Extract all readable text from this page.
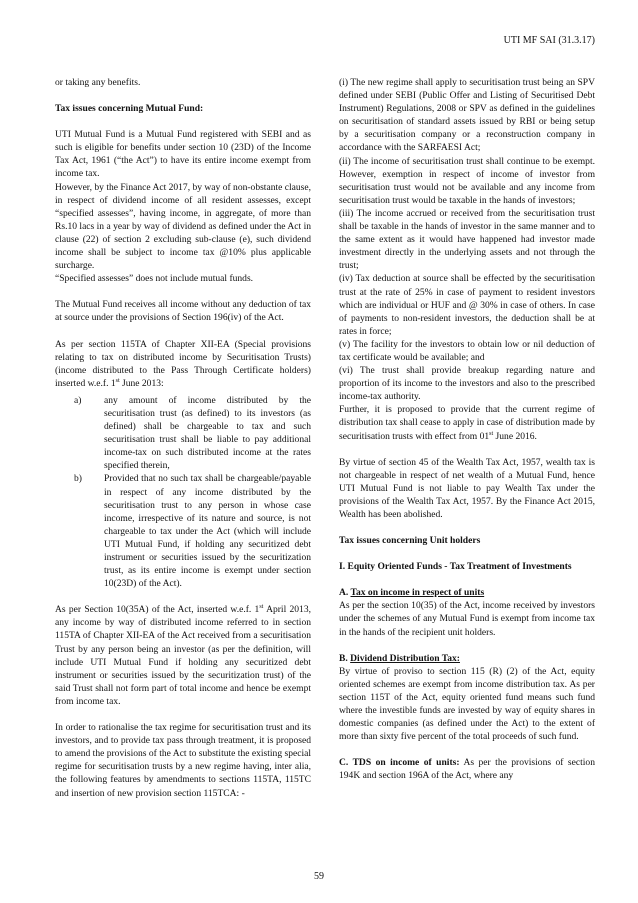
UTI MF SAI (31.3.17)

or taking any benefits.

Tax issues concerning Mutual Fund:

UTI Mutual Fund is a Mutual Fund registered with SEBI and as such is eligible for benefits under section 10 (23D) of the Income Tax Act, 1961 (“the Act”) to have its entire income exempt from income tax.

However, by the Finance Act 2017, by way of non-obstante clause, in respect of dividend income of all resident assesses, except “specified assesses”, having income, in aggregate, of more than Rs.10 lacs in a year by way of dividend as defined under the Act in clause (22) of section 2 excluding sub-clause (e), such dividend income shall be subject to income tax @10% plus applicable surcharge.

“Specified assesses” does not include mutual funds.

The Mutual Fund receives all income without any deduction of tax at source under the provisions of Section 196(iv) of the Act.

As per section 115TA of Chapter XII-EA (Special provisions relating to tax on distributed income by Securitisation Trusts) (income distributed to the Pass Through Certificate holders) inserted w.e.f. 1st June 2013:

a) any amount of income distributed by the securitisation trust (as defined) to its investors (as defined) shall be chargeable to tax and such securitisation trust shall be liable to pay additional income-tax on such distributed income at the rates specified therein,
b) Provided that no such tax shall be chargeable/payable in respect of any income distributed by the securitisation trust to any person in whose case income, irrespective of its nature and source, is not chargeable to tax under the Act (which will include UTI Mutual Fund, if holding any securitized debt instrument or securities issued by the securitization trust, as its entire income is exempt under section 10(23D) of the Act).

As per Section 10(35A) of the Act, inserted w.e.f. 1st April 2013, any income by way of distributed income referred to in section 115TA of Chapter XII-EA of the Act received from a securitisation Trust by any person being an investor (as per the definition, will include UTI Mutual Fund if holding any securitized debt instrument or securities issued by the securitization trust) of the said Trust shall not form part of total income and hence be exempt from income tax.

In order to rationalise the tax regime for securitisation trust and its investors, and to provide tax pass through treatment, it is proposed to amend the provisions of the Act to substitute the existing special regime for securitisation trusts by a new regime having, inter alia, the following features by amendments to sections 115TA, 115TC and insertion of new provision section 115TCA: -

(i) The new regime shall apply to securitisation trust being an SPV defined under SEBI (Public Offer and Listing of Securitised Debt Instrument) Regulations, 2008 or SPV as defined in the guidelines on securitisation of standard assets issued by RBI or being setup by a securitisation company or a reconstruction company in accordance with the SARFAESI Act;

(ii) The income of securitisation trust shall continue to be exempt. However, exemption in respect of income of investor from securitisation trust would not be available and any income from securitisation trust would be taxable in the hands of investors;

(iii) The income accrued or received from the securitisation trust shall be taxable in the hands of investor in the same manner and to the same extent as it would have happened had investor made investment directly in the underlying assets and not through the trust;

(iv) Tax deduction at source shall be effected by the securitisation trust at the rate of 25% in case of payment to resident investors which are individual or HUF and @ 30% in case of others. In case of payments to non-resident investors, the deduction shall be at rates in force;

(v) The facility for the investors to obtain low or nil deduction of tax certificate would be available; and

(vi) The trust shall provide breakup regarding nature and proportion of its income to the investors and also to the prescribed income-tax authority.

Further, it is proposed to provide that the current regime of distribution tax shall cease to apply in case of distribution made by securitisation trusts with effect from 01st June 2016.

By virtue of section 45 of the Wealth Tax Act, 1957, wealth tax is not chargeable in respect of net wealth of a Mutual Fund, hence UTI Mutual Fund is not liable to pay Wealth Tax under the provisions of the Wealth Tax Act, 1957. By the Finance Act 2015, Wealth has been abolished.

Tax issues concerning Unit holders

I. Equity Oriented Funds - Tax Treatment of Investments

A. Tax on income in respect of units

As per the section 10(35) of the Act, income received by investors under the schemes of any Mutual Fund is exempt from income tax in the hands of the recipient unit holders.

B. Dividend Distribution Tax:

By virtue of proviso to section 115 (R) (2) of the Act, equity oriented schemes are exempt from income distribution tax. As per section 115T of the Act, equity oriented fund means such fund where the investible funds are invested by way of equity shares in domestic companies (as defined under the Act) to the extent of more than sixty five percent of the total proceeds of such fund.

C. TDS on income of units: As per the provisions of section 194K and section 196A of the Act, where any

59
